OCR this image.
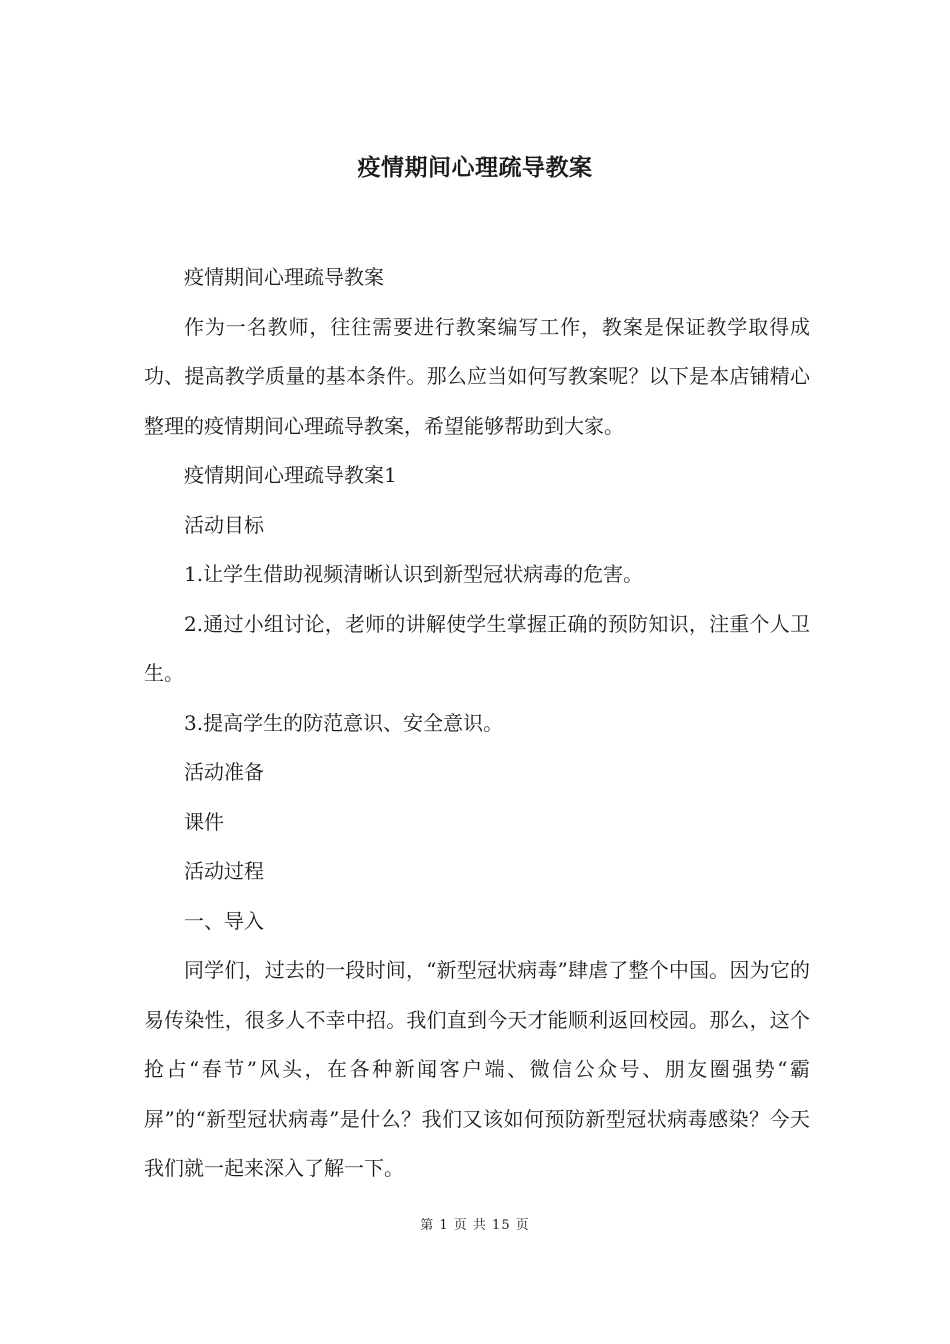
疫情期间心理疏导教案

疫情期间心理疏导教案

作为一名教师，往往需要进行教案编写工作，教案是保证教学取得成功、提高教学质量的基本条件。那么应当如何写教案呢？以下是本店铺精心整理的疫情期间心理疏导教案，希望能够帮助到大家。

疫情期间心理疏导教案1

活动目标

1.让学生借助视频清晰认识到新型冠状病毒的危害。

2.通过小组讨论，老师的讲解使学生掌握正确的预防知识，注重个人卫生。

3.提高学生的防范意识、安全意识。

活动准备

课件

活动过程

一、导入

同学们，过去的一段时间，“新型冠状病毒”肆虐了整个中国。因为它的易传染性，很多人不幸中招。我们直到今天才能顺利返回校园。那么，这个抢占“春节”风头，在各种新闻客户端、微信公众号、朋友圈强势“霸屏”的“新型冠状病毒”是什么？我们又该如何预防新型冠状病毒感染？今天我们就一起来深入了解一下。

第 1 页 共 15 页
